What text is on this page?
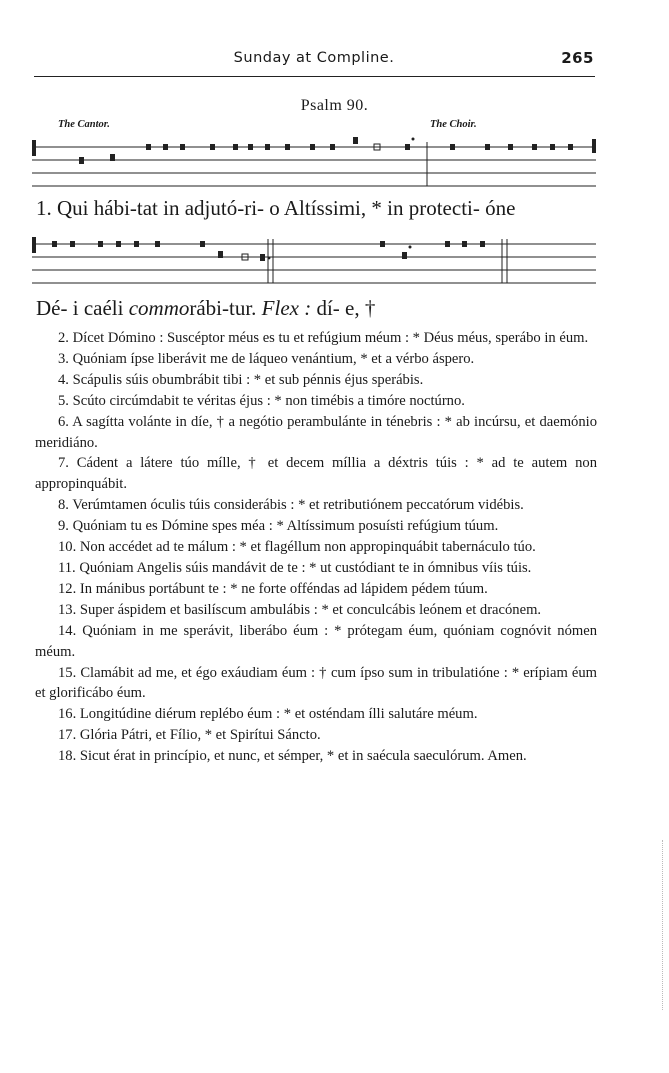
Sunday at Compline.	265
Psalm 90.
The Cantor.	The Choir.
1. Qui hábi-tat in adjutó-ri- o Altíssimi, * in protecti- óne
Dé- i caéli commorábi-tur. Flex : dí- e, †

2. Dícet Dómino : Suscéptor méus es tu et refúgium méum : * Déus méus, sperábo in éum.

3. Quóniam ípse liberávit me de láqueo venántium, * et a vérbo áspero.

4. Scápulis súis obumbrábit tibi : * et sub pénnis éjus sperábis.

5. Scúto circúmdabit te véritas éjus : * non timébis a timóre noctúrno.

6. A sagítta volánte in díe, † a negótio perambulánte in ténebris : * ab incúrsu, et daemónio meridiáno.

7. Cádent a látere túo mílle, † et decem míllia a déxtris túis : * ad te autem non appropinquábit.

8. Verúmtamen óculis túis considerábis : * et retributiónem peccatórum vidébis.

9. Quóniam tu es Dómine spes méa : * Altíssimum posuísti refúgium túum.

10. Non accédet ad te málum : * et flagéllum non appropinquábit tabernáculo túo.

11. Quóniam Angelis súis mandávit de te : * ut custódiant te in ómnibus víis túis.

12. In mánibus portábunt te : * ne forte offéndas ad lápidem pédem túum.

13. Super áspidem et basilíscum ambulábis : * et conculcábis leónem et dracónem.

14. Quóniam in me sperávit, liberábo éum : * prótegam éum, quóniam cognóvit nómen méum.

15. Clamábit ad me, et égo exáudiam éum : † cum ípso sum in tribulatióne : * erípiam éum et glorificábo éum.

16. Longitúdine diérum replébo éum : * et osténdam ílli salutáre méum.

17. Glória Pátri, et Fílio, * et Spirítui Sáncto.

18. Sicut érat in princípio, et nunc, et sémper, * et in saécula saeculórum. Amen.
